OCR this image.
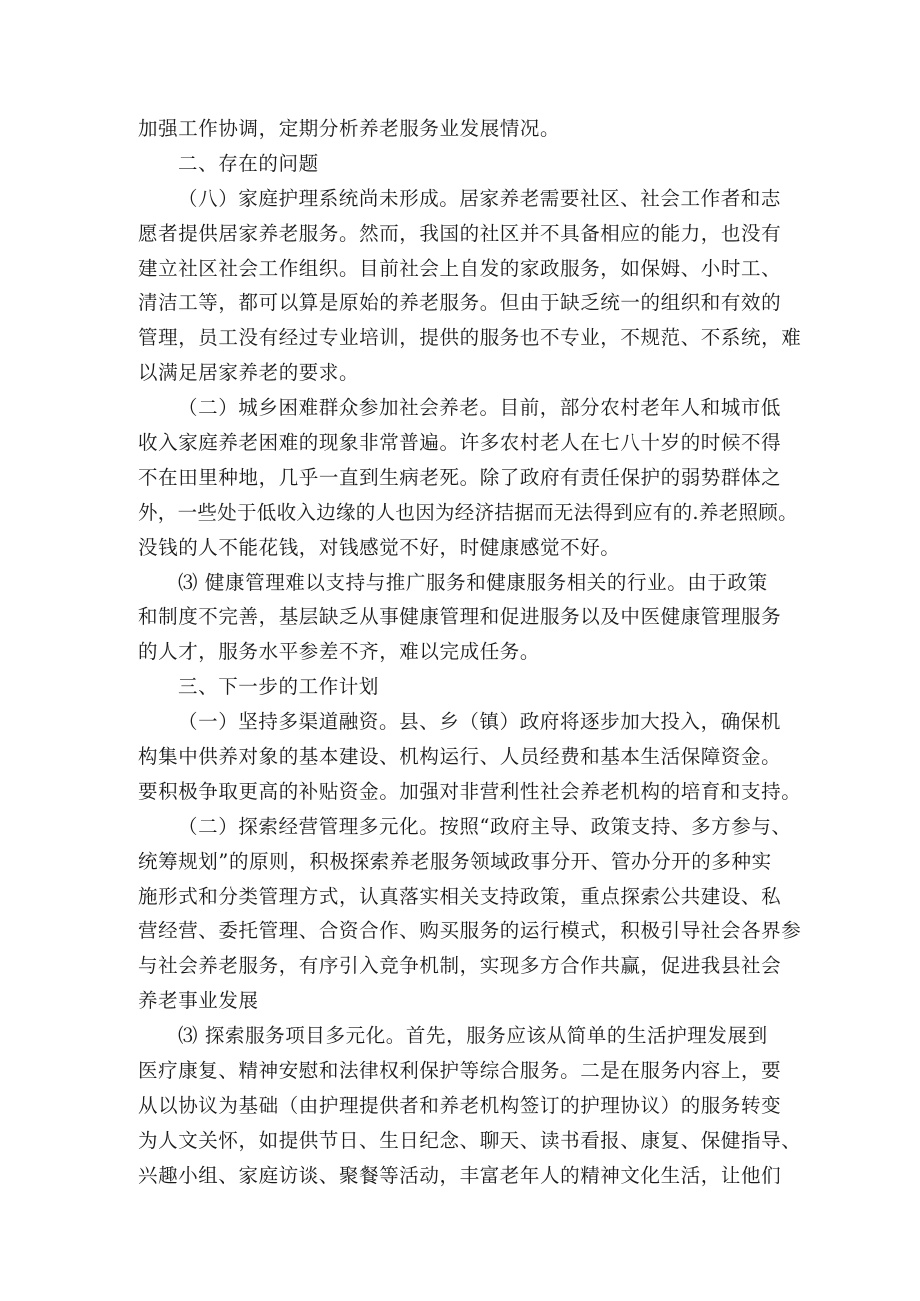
加强工作协调，定期分析养老服务业发展情况。
二、存在的问题
（八）家庭护理系统尚未形成。居家养老需要社区、社会工作者和志
愿者提供居家养老服务。然而，我国的社区并不具备相应的能力，也没有
建立社区社会工作组织。目前社会上自发的家政服务，如保姆、小时工、
清洁工等，都可以算是原始的养老服务。但由于缺乏统一的组织和有效的
管理，员工没有经过专业培训，提供的服务也不专业，不规范、不系统，难
以满足居家养老的要求。
（二）城乡困难群众参加社会养老。目前，部分农村老年人和城市低
收入家庭养老困难的现象非常普遍。许多农村老人在七八十岁的时候不得
不在田里种地，几乎一直到生病老死。除了政府有责任保护的弱势群体之
外，一些处于低收入边缘的人也因为经济拮据而无法得到应有的.养老照顾。
没钱的人不能花钱，对钱感觉不好，时健康感觉不好。
⑶ 健康管理难以支持与推广服务和健康服务相关的行业。由于政策
和制度不完善，基层缺乏从事健康管理和促进服务以及中医健康管理服务
的人才，服务水平参差不齐，难以完成任务。
三、下一步的工作计划
（一）坚持多渠道融资。县、乡（镇）政府将逐步加大投入，确保机
构集中供养对象的基本建设、机构运行、人员经费和基本生活保障资金。
要积极争取更高的补贴资金。加强对非营利性社会养老机构的培育和支持。
（二）探索经营管理多元化。按照“政府主导、政策支持、多方参与、
统筹规划”的原则，积极探索养老服务领域政事分开、管办分开的多种实
施形式和分类管理方式，认真落实相关支持政策，重点探索公共建设、私
营经营、委托管理、合资合作、购买服务的运行模式，积极引导社会各界参
与社会养老服务，有序引入竞争机制，实现多方合作共赢，促进我县社会
养老事业发展
⑶ 探索服务项目多元化。首先，服务应该从简单的生活护理发展到
医疗康复、精神安慰和法律权利保护等综合服务。二是在服务内容上，要
从以协议为基础（由护理提供者和养老机构签订的护理协议）的服务转变
为人文关怀，如提供节日、生日纪念、聊天、读书看报、康复、保健指导、
兴趣小组、家庭访谈、聚餐等活动，丰富老年人的精神文化生活，让他们
